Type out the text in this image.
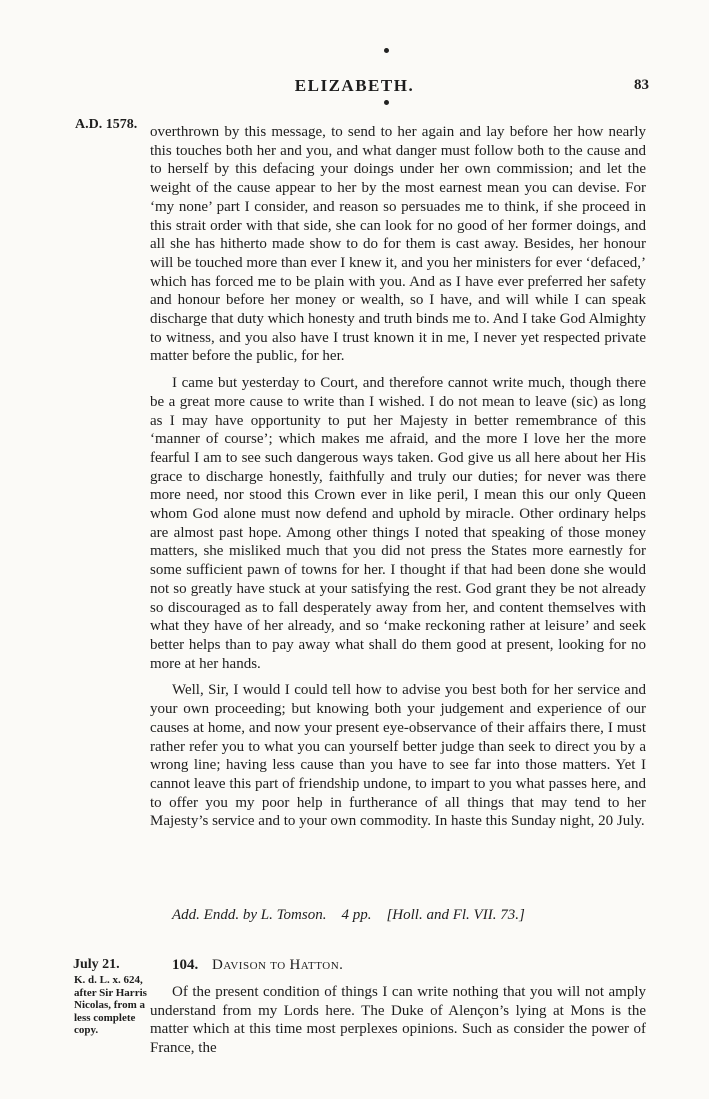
ELIZABETH.	83
A.D. 1578. overthrown by this message, to send to her again and lay before her how nearly this touches both her and you, and what danger must follow both to the cause and to herself by this defacing your doings under her own commission; and let the weight of the cause appear to her by the most earnest mean you can devise. For ‘my none’ part I consider, and reason so persuades me to think, if she proceed in this strait order with that side, she can look for no good of her former doings, and all she has hitherto made show to do for them is cast away. Besides, her honour will be touched more than ever I knew it, and you her ministers for ever ‘defaced,’ which has forced me to be plain with you. And as I have ever preferred her safety and honour before her money or wealth, so I have, and will while I can speak discharge that duty which honesty and truth binds me to. And I take God Almighty to witness, and you also have I trust known it in me, I never yet respected private matter before the public, for her.

I came but yesterday to Court, and therefore cannot write much, though there be a great more cause to write than I wished. I do not mean to leave (sic) as long as I may have opportunity to put her Majesty in better remembrance of this ‘manner of course’; which makes me afraid, and the more I love her the more fearful I am to see such dangerous ways taken. God give us all here about her His grace to discharge honestly, faithfully and truly our duties; for never was there more need, nor stood this Crown ever in like peril, I mean this our only Queen whom God alone must now defend and uphold by miracle. Other ordinary helps are almost past hope. Among other things I noted that speaking of those money matters, she misliked much that you did not press the States more earnestly for some sufficient pawn of towns for her. I thought if that had been done she would not so greatly have stuck at your satisfying the rest. God grant they be not already so discouraged as to fall desperately away from her, and content themselves with what they have of her already, and so ‘make reckoning rather at leisure’ and seek better helps than to pay away what shall do them good at present, looking for no more at her hands.

Well, Sir, I would I could tell how to advise you best both for her service and your own proceeding; but knowing both your judgement and experience of our causes at home, and now your present eye-observance of their affairs there, I must rather refer you to what you can yourself better judge than seek to direct you by a wrong line; having less cause than you have to see far into those matters. Yet I cannot leave this part of friendship undone, to impart to you what passes here, and to offer you my poor help in furtherance of all things that may tend to her Majesty’s service and to your own commodity. In haste this Sunday night, 20 July.

Add. Endd. by L. Tomson. 4 pp. [Holl. and Fl. VII. 73.]
July 21.
K. d. L. x. 624, after Sir Harris Nicolas, from a less complete copy.
104. Davison to Hatton.

Of the present condition of things I can write nothing that you will not amply understand from my Lords here. The Duke of Alençon’s lying at Mons is the matter which at this time most perplexes opinions. Such as consider the power of France, the
